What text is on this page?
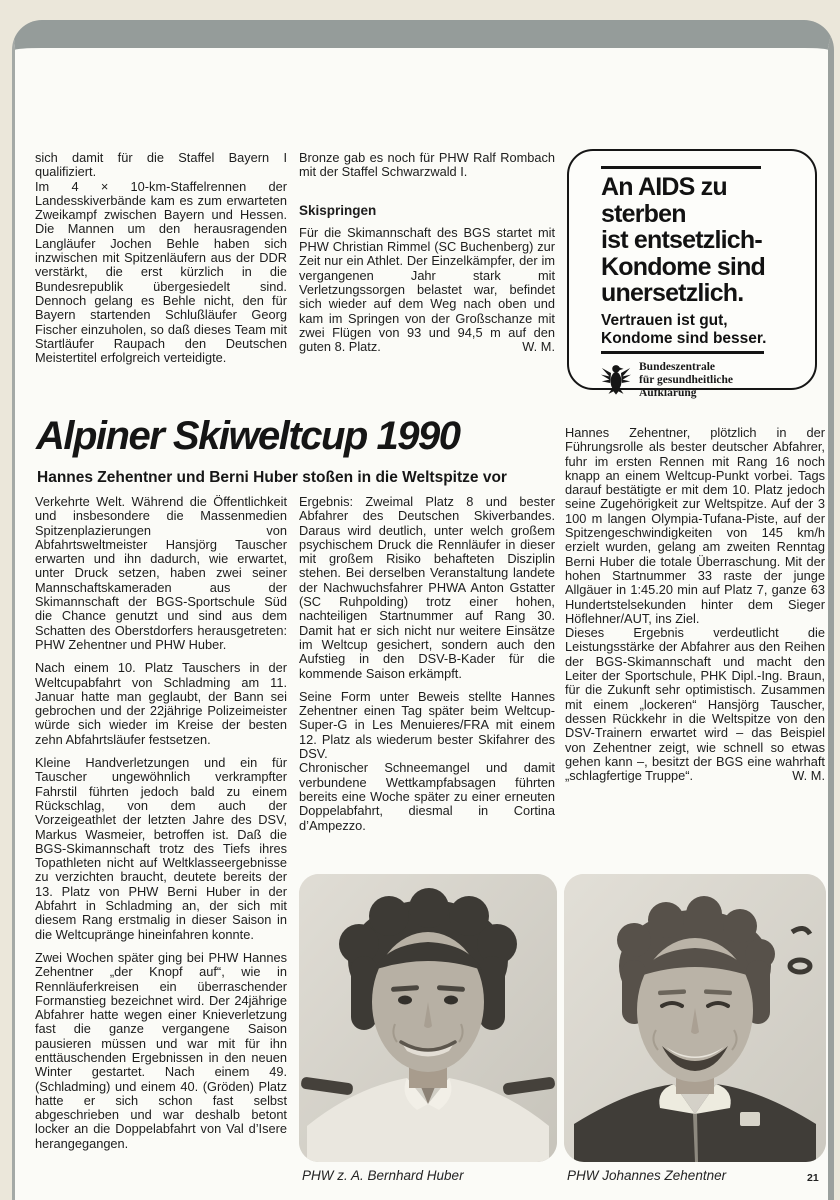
sich damit für die Staffel Bayern I qualifiziert.

Im 4 × 10-km-Staffelrennen der Landesskiverbände kam es zum erwarteten Zweikampf zwischen Bayern und Hessen. Die Mannen um den herausragenden Langläufer Jochen Behle haben sich inzwischen mit Spitzenläufern aus der DDR verstärkt, die erst kürzlich in die Bundesrepublik übergesiedelt sind. Dennoch gelang es Behle nicht, den für Bayern startenden Schlußläufer Georg Fischer einzuholen, so daß dieses Team mit Startläufer Raupach den Deutschen Meistertitel erfolgreich verteidigte.

Bronze gab es noch für PHW Ralf Rombach mit der Staffel Schwarzwald I.

Skispringen

Für die Skimannschaft des BGS startet mit PHW Christian Rimmel (SC Buchenberg) zur Zeit nur ein Athlet. Der Einzelkämpfer, der im vergangenen Jahr stark mit Verletzungssorgen belastet war, befindet sich wieder auf dem Weg nach oben und kam im Springen von der Großschanze mit zwei Flügen von 93 und 94,5 m auf den guten 8. Platz.	W. M.
An AIDS zu
sterben
ist entsetzlich-
Kondome sind
unersetzlich.
Vertrauen ist gut,
Kondome sind besser.
Bundeszentrale
für gesundheitliche
Aufklärung
Alpiner Skiweltcup 1990
Hannes Zehentner und Berni Huber stoßen in die Weltspitze vor

Verkehrte Welt. Während die Öffentlichkeit und insbesondere die Massenmedien Spitzenplazierungen von Abfahrtsweltmeister Hansjörg Tauscher erwarten und ihn dadurch, wie erwartet, unter Druck setzen, haben zwei seiner Mannschaftskameraden aus der Skimannschaft der BGS-Sportschule Süd die Chance genutzt und sind aus dem Schatten des Oberstdorfers herausgetreten: PHW Zehentner und PHW Huber.

Nach einem 10. Platz Tauschers in der Weltcupabfahrt von Schladming am 11. Januar hatte man geglaubt, der Bann sei gebrochen und der 22jährige Polizeimeister würde sich wieder im Kreise der besten zehn Abfahrtsläufer festsetzen.

Kleine Handverletzungen und ein für Tauscher ungewöhnlich verkrampfter Fahrstil führten jedoch bald zu einem Rückschlag, von dem auch der Vorzeigeathlet der letzten Jahre des DSV, Markus Wasmeier, betroffen ist. Daß die BGS-Skimannschaft trotz des Tiefs ihres Topathleten nicht auf Weltklasseergebnisse zu verzichten braucht, deutete bereits der 13. Platz von PHW Berni Huber in der Abfahrt in Schladming an, der sich mit diesem Rang erstmalig in dieser Saison in die Weltcupränge hineinfahren konnte.

Zwei Wochen später ging bei PHW Hannes Zehentner „der Knopf auf“, wie in Rennläuferkreisen ein überraschender Formanstieg bezeichnet wird. Der 24jährige Abfahrer hatte wegen einer Knieverletzung fast die ganze vergangene Saison pausieren müssen und war mit für ihn enttäuschenden Ergebnissen in den neuen Winter gestartet. Nach einem 49. (Schladming) und einem 40. (Gröden) Platz hatte er sich schon fast selbst abgeschrieben und war deshalb betont locker an die Doppelabfahrt von Val d’Isere herangegangen.

Ergebnis: Zweimal Platz 8 und bester Abfahrer des Deutschen Skiverbandes. Daraus wird deutlich, unter welch großem psychischem Druck die Rennläufer in dieser mit großem Risiko behafteten Disziplin stehen. Bei derselben Veranstaltung landete der Nachwuchsfahrer PHWA Anton Gstatter (SC Ruhpolding) trotz einer hohen, nachteiligen Startnummer auf Rang 30. Damit hat er sich nicht nur weitere Einsätze im Weltcup gesichert, sondern auch den Aufstieg in den DSV-B-Kader für die kommende Saison erkämpft.

Seine Form unter Beweis stellte Hannes Zehentner einen Tag später beim Weltcup-Super-G in Les Menuieres/FRA mit einem 12. Platz als wiederum bester Skifahrer des DSV.

Chronischer Schneemangel und damit verbundene Wettkampfabsagen führten bereits eine Woche später zu einer erneuten Doppelabfahrt, diesmal in Cortina d’Ampezzo.

Hannes Zehentner, plötzlich in der Führungsrolle als bester deutscher Abfahrer, fuhr im ersten Rennen mit Rang 16 noch knapp an einem Weltcup-Punkt vorbei. Tags darauf bestätigte er mit dem 10. Platz jedoch seine Zugehörigkeit zur Weltspitze. Auf der 3 100 m langen Olympia-Tufana-Piste, auf der Spitzengeschwindigkeiten von 145 km/h erzielt wurden, gelang am zweiten Renntag Berni Huber die totale Überraschung. Mit der hohen Startnummer 33 raste der junge Allgäuer in 1:45.20 min auf Platz 7, ganze 63 Hundertstelsekunden hinter dem Sieger Höflehner/AUT, ins Ziel.

Dieses Ergebnis verdeutlicht die Leistungsstärke der Abfahrer aus den Reihen der BGS-Skimannschaft und macht den Leiter der Sportschule, PHK Dipl.-Ing. Braun, für die Zukunft sehr optimistisch. Zusammen mit einem „lockeren“ Hansjörg Tauscher, dessen Rückkehr in die Weltspitze von den DSV-Trainern erwartet wird – das Beispiel von Zehentner zeigt, wie schnell so etwas gehen kann –, besitzt der BGS eine wahrhaft „schlagfertige Truppe“.	W. M.
PHW z. A. Bernhard Huber	PHW Johannes Zehentner	21
